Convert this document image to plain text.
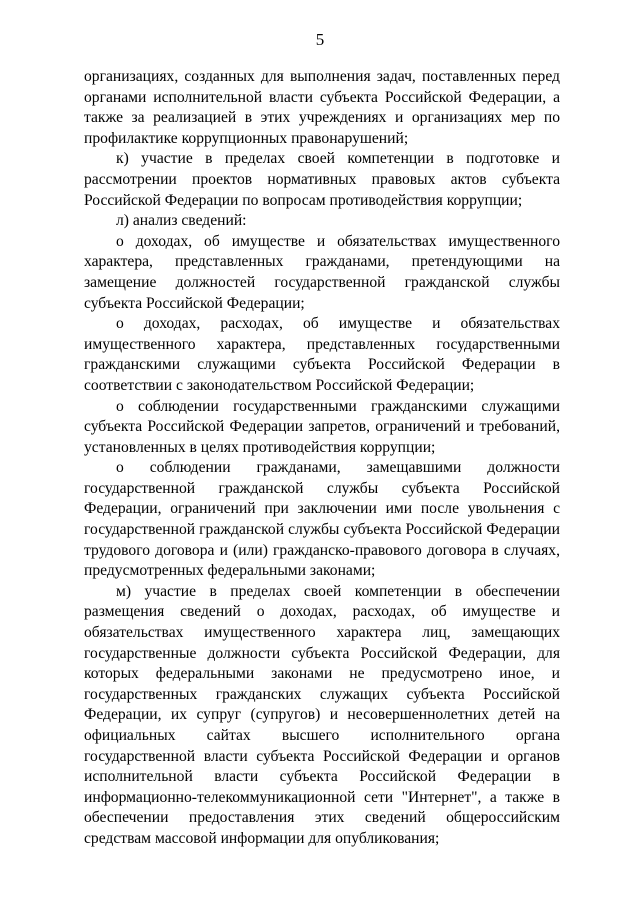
5

организациях, созданных для выполнения задач, поставленных перед органами исполнительной власти субъекта Российской Федерации, а также за реализацией в этих учреждениях и организациях мер по профилактике коррупционных правонарушений;

к) участие в пределах своей компетенции в подготовке и рассмотрении проектов нормативных правовых актов субъекта Российской Федерации по вопросам противодействия коррупции;

л) анализ сведений:

о доходах, об имуществе и обязательствах имущественного характера, представленных гражданами, претендующими на замещение должностей государственной гражданской службы субъекта Российской Федерации;

о доходах, расходах, об имуществе и обязательствах имущественного характера, представленных государственными гражданскими служащими субъекта Российской Федерации в соответствии с законодательством Российской Федерации;

о соблюдении государственными гражданскими служащими субъекта Российской Федерации запретов, ограничений и требований, установленных в целях противодействия коррупции;

о соблюдении гражданами, замещавшими должности государственной гражданской службы субъекта Российской Федерации, ограничений при заключении ими после увольнения с государственной гражданской службы субъекта Российской Федерации трудового договора и (или) гражданско-правового договора в случаях, предусмотренных федеральными законами;

м) участие в пределах своей компетенции в обеспечении размещения сведений о доходах, расходах, об имуществе и обязательствах имущественного характера лиц, замещающих государственные должности субъекта Российской Федерации, для которых федеральными законами не предусмотрено иное, и государственных гражданских служащих субъекта Российской Федерации, их супруг (супругов) и несовершеннолетних детей на официальных сайтах высшего исполнительного органа государственной власти субъекта Российской Федерации и органов исполнительной власти субъекта Российской Федерации в информационно-телекоммуникационной сети "Интернет", а также в обеспечении предоставления этих сведений общероссийским средствам массовой информации для опубликования;
